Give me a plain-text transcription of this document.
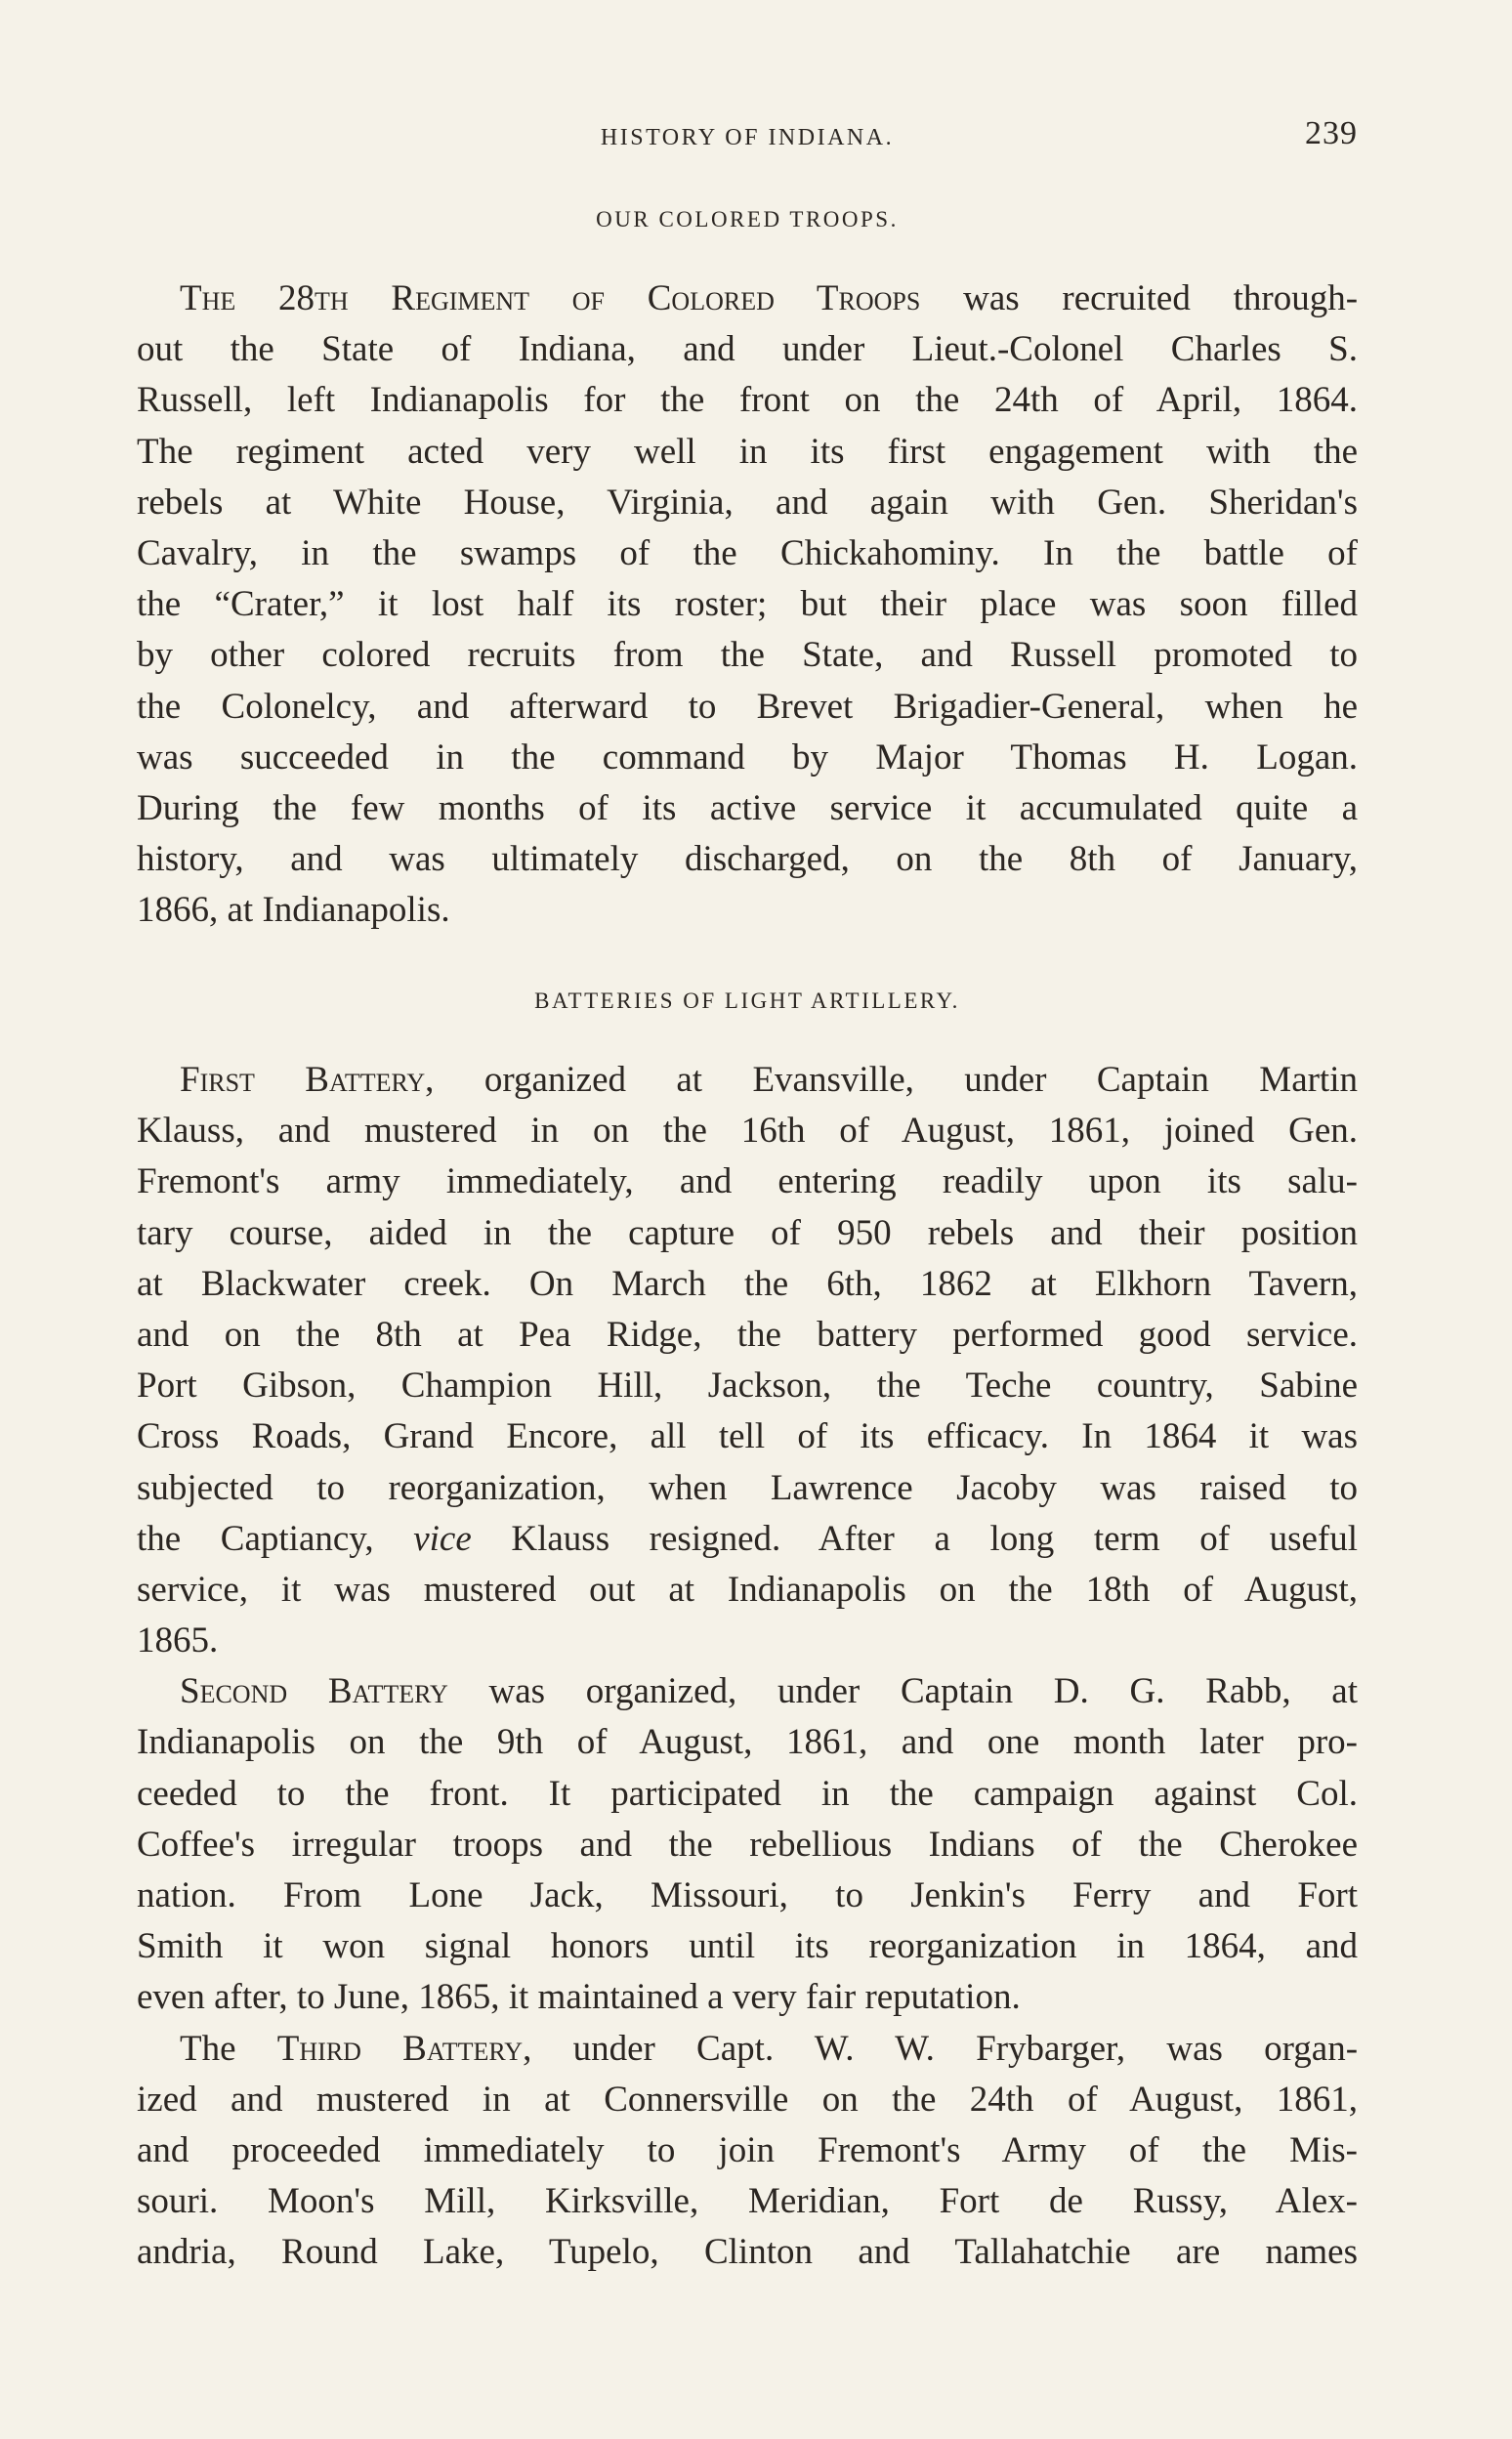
HISTORY OF INDIANA.	239
OUR COLORED TROOPS.
The 28th Regiment of Colored Troops was recruited through-
out the State of Indiana, and under Lieut.-Colonel Charles S.
Russell, left Indianapolis for the front on the 24th of April, 1864.
The regiment acted very well in its first engagement with the
rebels at White House, Virginia, and again with Gen. Sheridan's
Cavalry, in the swamps of the Chickahominy. In the battle of
the “Crater,” it lost half its roster; but their place was soon filled
by other colored recruits from the State, and Russell promoted to
the Colonelcy, and afterward to Brevet Brigadier-General, when he
was succeeded in the command by Major Thomas H. Logan.
During the few months of its active service it accumulated quite a
history, and was ultimately discharged, on the 8th of January,
1866, at Indianapolis.
BATTERIES OF LIGHT ARTILLERY.
First Battery, organized at Evansville, under Captain Martin
Klauss, and mustered in on the 16th of August, 1861, joined Gen.
Fremont's army immediately, and entering readily upon its salu-
tary course, aided in the capture of 950 rebels and their position
at Blackwater creek. On March the 6th, 1862 at Elkhorn Tavern,
and on the 8th at Pea Ridge, the battery performed good service.
Port Gibson, Champion Hill, Jackson, the Teche country, Sabine
Cross Roads, Grand Encore, all tell of its efficacy. In 1864 it was
subjected to reorganization, when Lawrence Jacoby was raised to
the Captiancy, vice Klauss resigned. After a long term of useful
service, it was mustered out at Indianapolis on the 18th of August,
1865.
Second Battery was organized, under Captain D. G. Rabb, at
Indianapolis on the 9th of August, 1861, and one month later pro-
ceeded to the front. It participated in the campaign against Col.
Coffee's irregular troops and the rebellious Indians of the Cherokee
nation. From Lone Jack, Missouri, to Jenkin's Ferry and Fort
Smith it won signal honors until its reorganization in 1864, and
even after, to June, 1865, it maintained a very fair reputation.
The Third Battery, under Capt. W. W. Frybarger, was organ-
ized and mustered in at Connersville on the 24th of August, 1861,
and proceeded immediately to join Fremont's Army of the Mis-
souri. Moon's Mill, Kirksville, Meridian, Fort de Russy, Alex-
andria, Round Lake, Tupelo, Clinton and Tallahatchie are names
